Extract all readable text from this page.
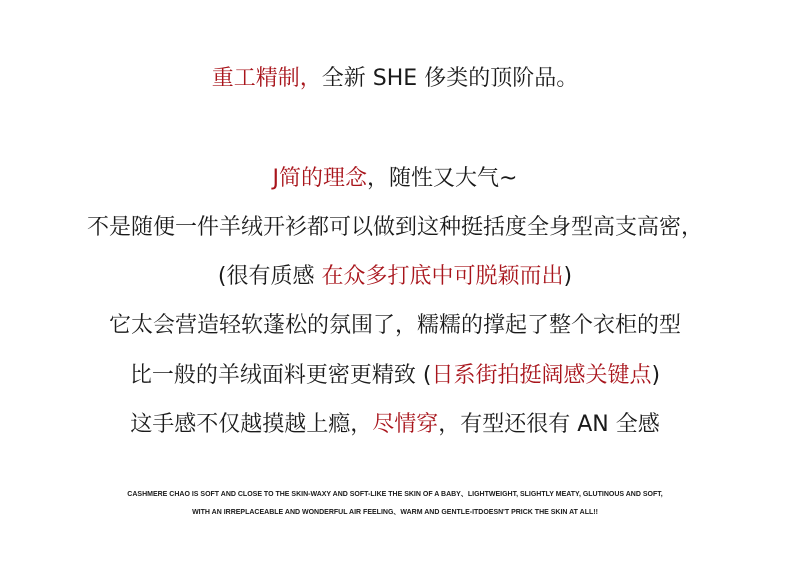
重工精制，全新 SHE 侈类的顶阶品。
J简的理念，随性又大气~
不是随便一件羊绒开衫都可以做到这种挺括度全身型高支高密，
(很有质感 在众多打底中可脱颖而出)
它太会营造轻软蓬松的氛围了，糯糯的撑起了整个衣柜的型
比一般的羊绒面料更密更精致 (日系街拍挺阔感关键点)
这手感不仅越摸越上瘾，尽情穿，有型还很有 AN 全感
CASHMERE CHAO IS SOFT AND CLOSE TO THE SKIN-WAXY AND SOFT-LIKE THE SKIN OF A BABY、LIGHTWEIGHT, SLIGHTLY MEATY, GLUTINOUS AND SOFT,
WITH AN IRREPLACEABLE AND WONDERFUL AIR FEELING、WARM AND GENTLE-ITDOESN'T PRICK THE SKIN AT ALL!!
